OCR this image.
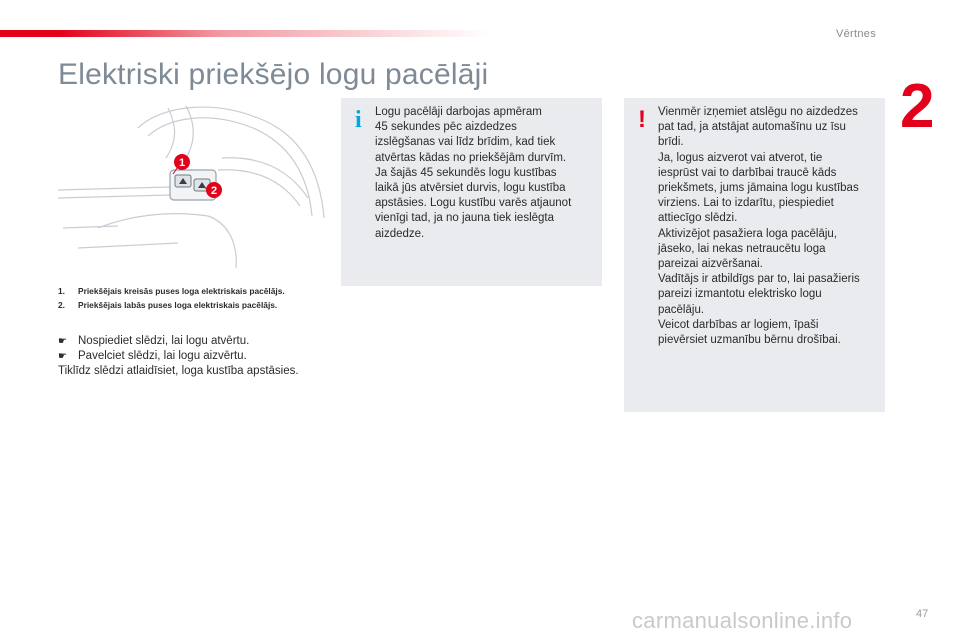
Vērtnes
2
Elektriski priekšējo logu pacēlāji
1
2
1. Priekšējais kreisās puses loga elektriskais pacēlājs.
2. Priekšējais labās puses loga elektriskais pacēlājs.
☛ Nospiediet slēdzi, lai logu atvērtu.
☛ Pavelciet slēdzi, lai logu aizvērtu.
Tiklīdz slēdzi atlaidīsiet, loga kustība apstāsies.
i Logu pacēlāji darbojas apmēram
45 sekundes pēc aizdedzes
izslēgšanas vai līdz brīdim, kad tiek
atvērtas kādas no priekšējām durvīm.
Ja šajās 45 sekundēs logu kustības
laikā jūs atvērsiet durvis, logu kustība
apstāsies. Logu kustību varēs atjaunot
vienīgi tad, ja no jauna tiek ieslēgta
aizdedze.
! Vienmēr izņemiet atslēgu no aizdedzes
pat tad, ja atstājat automašīnu uz īsu
brīdi.
Ja, logus aizverot vai atverot, tie
iesprūst vai to darbībai traucē kāds
priekšmets, jums jāmaina logu kustības
virziens. Lai to izdarītu, piespiediet
attiecīgo slēdzi.
Aktivizējot pasažiera loga pacēlāju,
jāseko, lai nekas netraucētu loga
pareizai aizvēršanai.
Vadītājs ir atbildīgs par to, lai pasažieris
pareizi izmantotu elektrisko logu
pacēlāju.
Veicot darbības ar logiem, īpaši
pievērsiet uzmanību bērnu drošībai.
carmanualsonline.info	47
